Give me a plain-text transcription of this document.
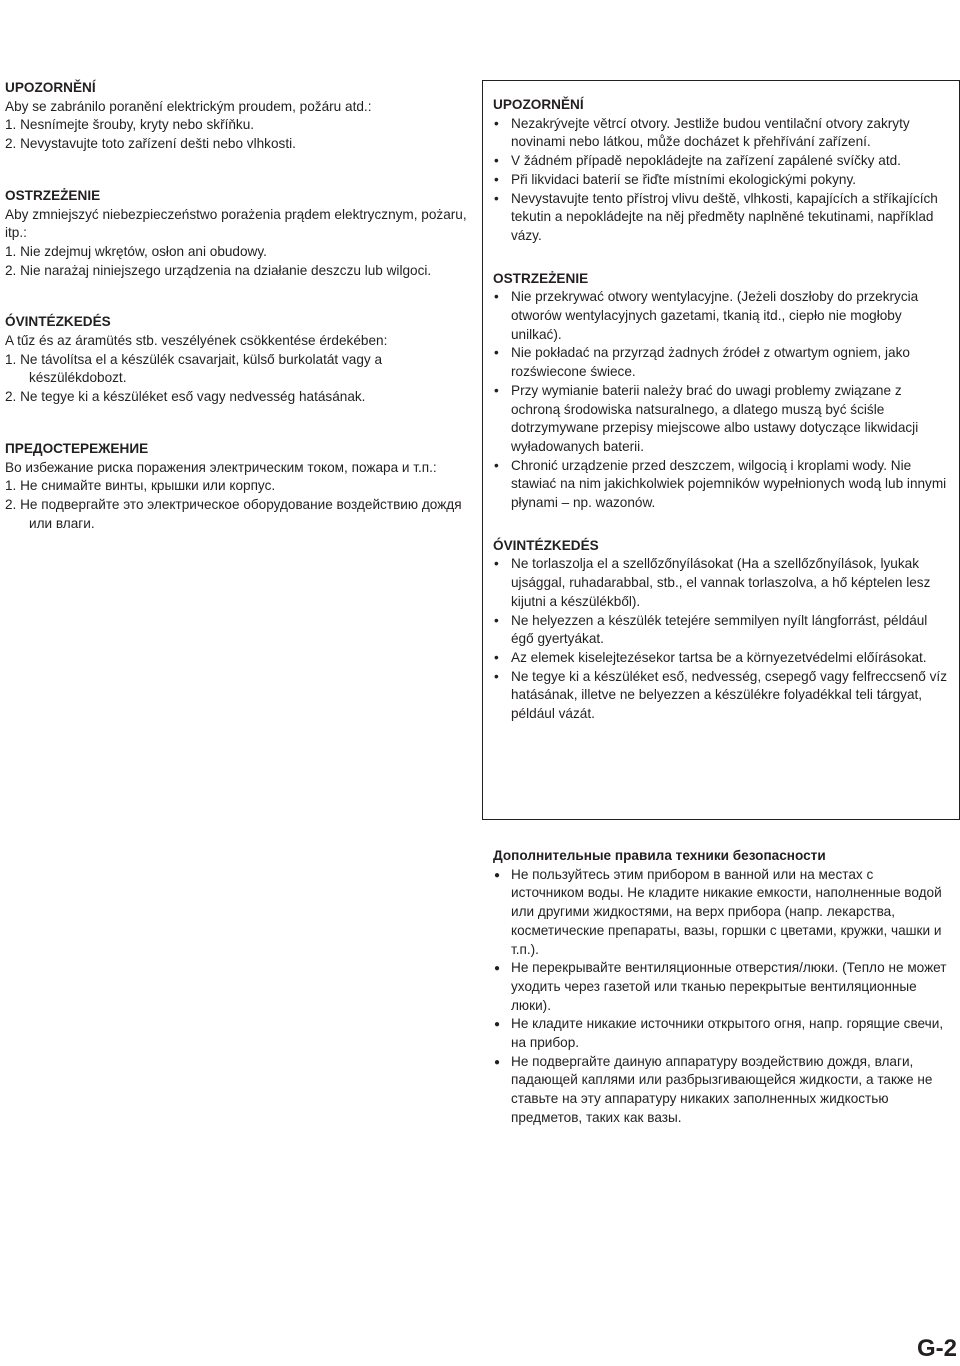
UPOZORNĚNÍ

Aby se zabránilo poranění elektrickým proudem, požáru atd.:

1. Nesnímejte šrouby, kryty nebo skříňku.
2. Nevystavujte toto zařízení dešti nebo vlhkosti.
OSTRZEŻENIE

Aby zmniejszyć niebezpieczeństwo porażenia prądem elektrycznym, pożaru, itp.:

1. Nie zdejmuj wkrętów, osłon ani obudowy.
2. Nie narażaj niniejszego urządzenia na działanie deszczu lub wilgoci.
ÓVINTÉZKEDÉS

A tűz és az áramütés stb. veszélyének csökkentése érdekében:

1. Ne távolítsa el a készülék csavarjait, külső burkolatát vagy a készülékdobozt.
2. Ne tegye ki a készüléket eső vagy nedvesség hatásának.
ПРЕДОСТЕРЕЖЕНИЕ

Во избежание риска поражения электрическим током, пожара и т.п.:

1. Не снимайте винты, крышки или корпус.
2. Не подвергайте это электрическое оборудование воздействию дождя или влаги.
UPOZORNĚNÍ
• Nezakrývejte větrcí otvory. Jestliže budou ventilační otvory zakryty novinami nebo látkou, může docházet k přehřívání zařízení.
• V žádném případě nepokládejte na zařízení zapálené svíčky atd.
• Při likvidaci baterií se řiďte místními ekologickými pokyny.
• Nevystavujte tento přístroj vlivu deště, vlhkosti, kapajících a stříkajících tekutin a nepokládejte na něj předměty naplněné tekutinami, například vázy.
OSTRZEŻENIE
• Nie przekrywać otwory wentylacyjne. (Jeżeli doszłoby do przekrycia otworów wentylacyjnych gazetami, tkanią itd., ciepło nie mogłoby unilkać).
• Nie pokładać na przyrząd żadnych źródeł z otwartym ogniem, jako rozświecone świece.
• Przy wymianie baterii należy brać do uwagi problemy związane z ochroną środowiska natsuralnego, a dlatego muszą być ściśle dotrzymywane przepisy miejscowe albo ustawy dotyczące likwidacji wyładowanych baterii.
• Chronić urządzenie przed deszczem, wilgocią i kroplami wody. Nie stawiać na nim jakichkolwiek pojemników wypełnionych wodą lub innymi płynami – np. wazonów.
ÓVINTÉZKEDÉS
• Ne torlaszolja el a szellőzőnyílásokat (Ha a szellőzőnyílások, lyukak ujsággal, ruhadarabbal, stb., el vannak torlaszolva, a hő képtelen lesz kijutni a készülékből).
• Ne helyezzen a készülék tetejére semmilyen nyílt lángforrást, például égő gyertyákat.
• Az elemek kiselejtezésekor tartsa be a környezetvédelmi előírásokat.
• Ne tegye ki a készüléket eső, nedvesség, csepegő vagy felfreccsenő víz hatásának, illetve ne belyezzen a készülékre folyadékkal teli tárgyat, például vázát.
Дополнительные правила техники безопасности
● Не пользуйтесь этим прибором в ванной или на местах с источником воды. Не кладите никакие емкости, наполненные водой или другими жидкостями, на верх прибора (напр. лекарства, косметические препараты, вазы, горшки с цветами, кружки, чашки и т.п.).
● Не перекрывайте вентиляционные отверстия/люки. (Тепло не может уходить через газетой или тканью перекрытые вентиляционные люки).
● Не кладите никакие источники открытого огня, напр. горящие свечи, на прибор.
● Не подвергайте даиную аппаратуру воэдействию дождя, влаги, падающей каплями или разбрызгивающейся жидкости, а также не ставьте на эту аппаратуру никаких заполненных жидкостью предметов, таких как вазы.
G-2
